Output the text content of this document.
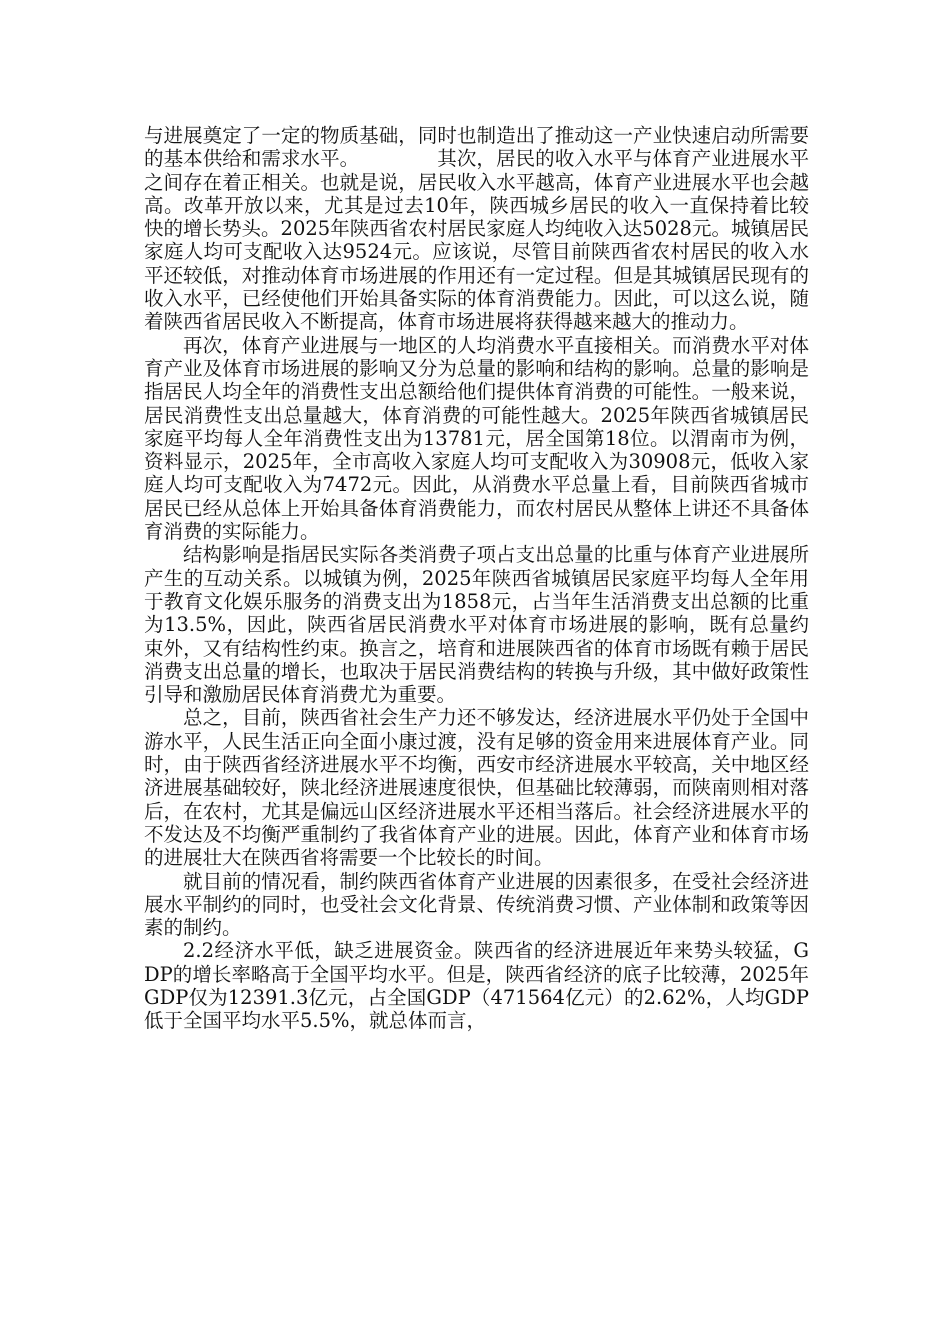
与进展奠定了一定的物质基础，同时也制造出了推动这一产业快速启动所需要的基本供给和需求水平。	其次，居民的收入水平与体育产业进展水平之间存在着正相关。也就是说，居民收入水平越高，体育产业进展水平也会越高。改革开放以来，尤其是过去10年，陕西城乡居民的收入一直保持着比较快的增长势头。2025年陕西省农村居民家庭人均纯收入达5028元。城镇居民家庭人均可支配收入达9524元。应该说，尽管目前陕西省农村居民的收入水平还较低，对推动体育市场进展的作用还有一定过程。但是其城镇居民现有的收入水平，已经使他们开始具备实际的体育消费能力。因此，可以这么说，随着陕西省居民收入不断提高，体育市场进展将获得越来越大的推动力。

再次，体育产业进展与一地区的人均消费水平直接相关。而消费水平对体育产业及体育市场进展的影响又分为总量的影响和结构的影响。总量的影响是指居民人均全年的消费性支出总额给他们提供体育消费的可能性。一般来说，居民消费性支出总量越大，体育消费的可能性越大。2025年陕西省城镇居民家庭平均每人全年消费性支出为13781元，居全国第18位。以渭南市为例， 资料显示，2025年，全市高收入家庭人均可支配收入为30908元，低收入家庭人均可支配收入为7472元。因此，从消费水平总量上看，目前陕西省城市居民已经从总体上开始具备体育消费能力，而农村居民从整体上讲还不具备体育消费的实际能力。

结构影响是指居民实际各类消费子项占支出总量的比重与体育产业进展所产生的互动关系。以城镇为例，2025年陕西省城镇居民家庭平均每人全年用于教育文化娱乐服务的消费支出为1858元，占当年生活消费支出总额的比重为13.5%，因此，陕西省居民消费水平对体育市场进展的影响，既有总量约束外，又有结构性约束。换言之，培育和进展陕西省的体育市场既有赖于居民消费支出总量的增长，也取决于居民消费结构的转换与升级，其中做好政策性引导和激励居民体育消费尤为重要。

总之，目前，陕西省社会生产力还不够发达，经济进展水平仍处于全国中游水平，人民生活正向全面小康过渡，没有足够的资金用来进展体育产业。同时，由于陕西省经济进展水平不均衡，西安市经济进展水平较高，关中地区经济进展基础较好，陕北经济进展速度很快，但基础比较薄弱，而陕南则相对落后，在农村，尤其是偏远山区经济进展水平还相当落后。社会经济进展水平的不发达及不均衡严重制约了我省体育产业的进展。因此，体育产业和体育市场的进展壮大在陕西省将需要一个比较长的时间。

就目前的情况看，制约陕西省体育产业进展的因素很多，在受社会经济进展水平制约的同时，也受社会文化背景、传统消费习惯、产业体制和政策等因素的制约。

2.2经济水平低，缺乏进展资金。陕西省的经济进展近年来势头较猛，GDP的增长率略高于全国平均水平。但是，陕西省经济的底子比较薄，2025年GDP仅为12391.3亿元，占全国GDP（471564亿元）的2.62%，人均GDP低于全国平均水平5.5%，就总体而言，
